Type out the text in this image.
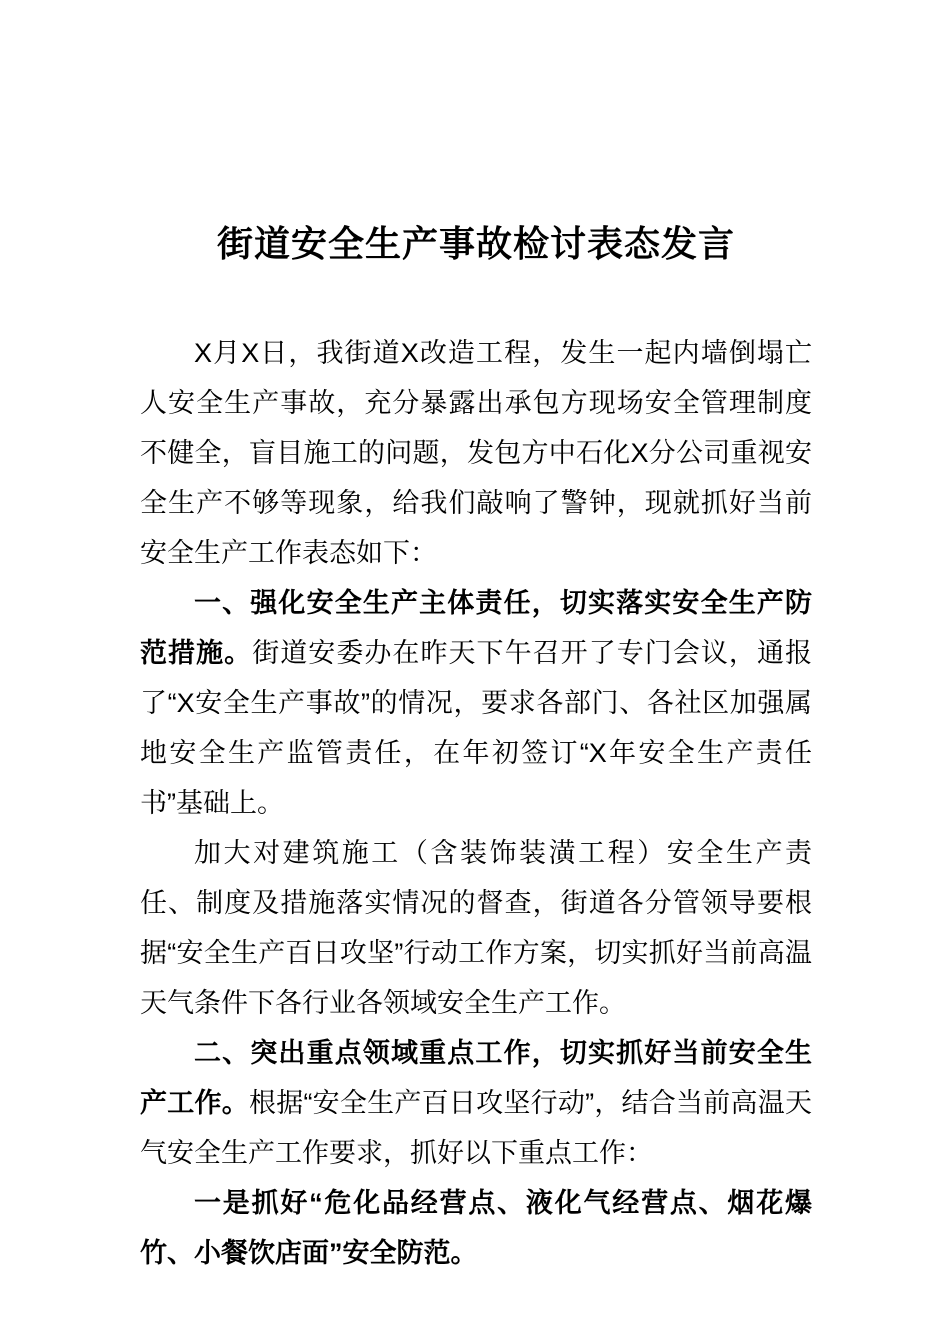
街道安全生产事故检讨表态发言

X月X日，我街道X改造工程，发生一起内墙倒塌亡人安全生产事故，充分暴露出承包方现场安全管理制度不健全，盲目施工的问题，发包方中石化X分公司重视安全生产不够等现象，给我们敲响了警钟，现就抓好当前安全生产工作表态如下：

一、强化安全生产主体责任，切实落实安全生产防范措施。街道安委办在昨天下午召开了专门会议，通报了“X安全生产事故”的情况，要求各部门、各社区加强属地安全生产监管责任，在年初签订“X年安全生产责任书”基础上。

加大对建筑施工（含装饰装潢工程）安全生产责任、制度及措施落实情况的督查，街道各分管领导要根据“安全生产百日攻坚”行动工作方案，切实抓好当前高温天气条件下各行业各领域安全生产工作。

二、突出重点领域重点工作，切实抓好当前安全生产工作。根据“安全生产百日攻坚行动”，结合当前高温天气安全生产工作要求，抓好以下重点工作：

一是抓好“危化品经营点、液化气经营点、烟花爆竹、小餐饮店面”安全防范。
